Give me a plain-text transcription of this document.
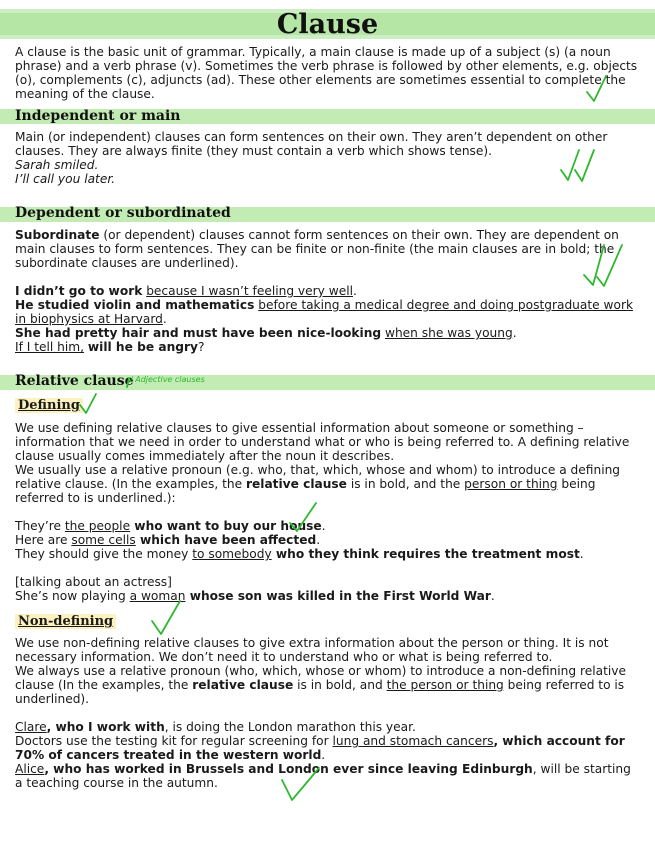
Clause

A clause is the basic unit of grammar. Typically, a main clause is made up of a subject (s) (a noun phrase) and a verb phrase (v). Sometimes the verb phrase is followed by other elements, e.g. objects (o), complements (c), adjuncts (ad). These other elements are sometimes essential to complete the meaning of the clause.

Independent or main

Main (or independent) clauses can form sentences on their own. They aren’t dependent on other clauses. They are always finite (they must contain a verb which shows tense).

Sarah smiled.

I’ll call you later.

Dependent or subordinated

Subordinate (or dependent) clauses cannot form sentences on their own. They are dependent on main clauses to form sentences. They can be finite or non-finite (the main clauses are in bold; the subordinate clauses are underlined).

I didn’t go to work because I wasn’t feeling very well.

He studied violin and mathematics before taking a medical degree and doing postgraduate work in biophysics at Harvard.

She had pretty hair and must have been nice-looking when she was young.

If I tell him, will he be angry?

Relative clause
/ Adjective clauses
Defining

We use defining relative clauses to give essential information about someone or something – information that we need in order to understand what or who is being referred to. A defining relative clause usually comes immediately after the noun it describes.

We usually use a relative pronoun (e.g. who, that, which, whose and whom) to introduce a defining relative clause. (In the examples, the relative clause is in bold, and the person or thing being referred to is underlined.):

They’re the people who want to buy our house.

Here are some cells which have been affected.

They should give the money to somebody who they think requires the treatment most.

[talking about an actress]

She’s now playing a woman whose son was killed in the First World War.

Non-defining

We use non-defining relative clauses to give extra information about the person or thing. It is not necessary information. We don’t need it to understand who or what is being referred to.

We always use a relative pronoun (who, which, whose or whom) to introduce a non-defining relative clause (In the examples, the relative clause is in bold, and the person or thing being referred to is underlined).

Clare, who I work with, is doing the London marathon this year.

Doctors use the testing kit for regular screening for lung and stomach cancers, which account for 70% of cancers treated in the western world.

Alice, who has worked in Brussels and London ever since leaving Edinburgh, will be starting a teaching course in the autumn.
